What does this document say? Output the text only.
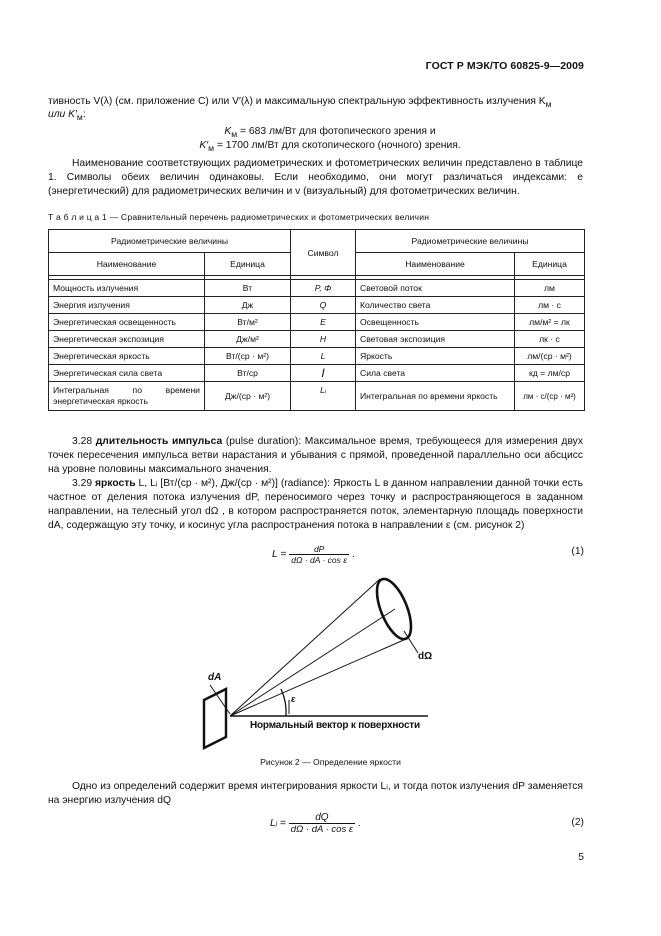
ГОСТ Р МЭК/ТО 60825-9—2009
тивность V(λ) (см. приложение С) или V′(λ) и максимальную спектральную эффективность излучения $K_м$
или $K'_м$:
$K_м = 683$ лм/Вт для фотопического зрения и
$K'_м = 1700$ лм/Вт для скотопического (ночного) зрения.
Наименование соответствующих радиометрических и фотометрических величин представлено в таблице 1. Символы обеих величин одинаковы. Если необходимо, они могут различаться индексами: e (энергетический) для радиометрических величин и v (визуальный) для фотометрических величин.
Т а б л и ц а 1 — Сравнительный перечень радиометрических и фотометрических величин
Радиометрические величины		Символ	Радиометрические величины	
Наименование	Единица		Наименование	Единица

Мощность излучения	Вт	P, Φ	Световой поток	лм
Энергия излучения	Дж	Q	Количество света	лм · с
Энергетическая освещенность	Вт/м²	E	Освещенность	лм/м² = лк
Энергетическая экспозиция	Дж/м²	H	Световая экспозиция	лк · с
Энергетическая яркость	Вт/(ср · м²)	L	Яркость	лм/(ср · м²)
Энергетическая сила света	Вт/ср	I	Сила света	кд = лм/ср
Интегральная по времени энергетическая яркость	Дж/(ср · м²)	Lᵢ	Интегральная по времени яркость	лм · с/(ср · м²)
3.28 длительность импульса (pulse duration): Максимальное время, требующееся для измерения двух точек пересечения импульса ветви нарастания и убывания с прямой, проведенной параллельно оси абсцисс на уровне половины максимального значения.
3.29 яркость L, Lᵢ [Вт/(ср · м²), Дж/(ср · м²)] (radiance): Яркость L в данном направлении данной точки есть частное от деления потока излучения dP, переносимого через точку и распространяющегося в заданном направлении, на телесный угол dΩ , в котором распространяется поток, элементарную площадь поверхности dA, содержащую эту точку, и косинус угла распространения потока в направлении ε (см. рисунок 2)
$L = \frac{dP}{\text{dΩ · dA · cos ε}}$ .	(1)
dA
dΩ
ε
Нормальный вектор к поверхности
Рисунок 2 — Определение яркости
Одно из определений содержит время интегрирования яркости Lᵢ, и тогда поток излучения dP заменяется на энергию излучения dQ
Lᵢ = $\frac{dQ}{\text{dΩ · dA · cos ε}}$ .	(2)
5
